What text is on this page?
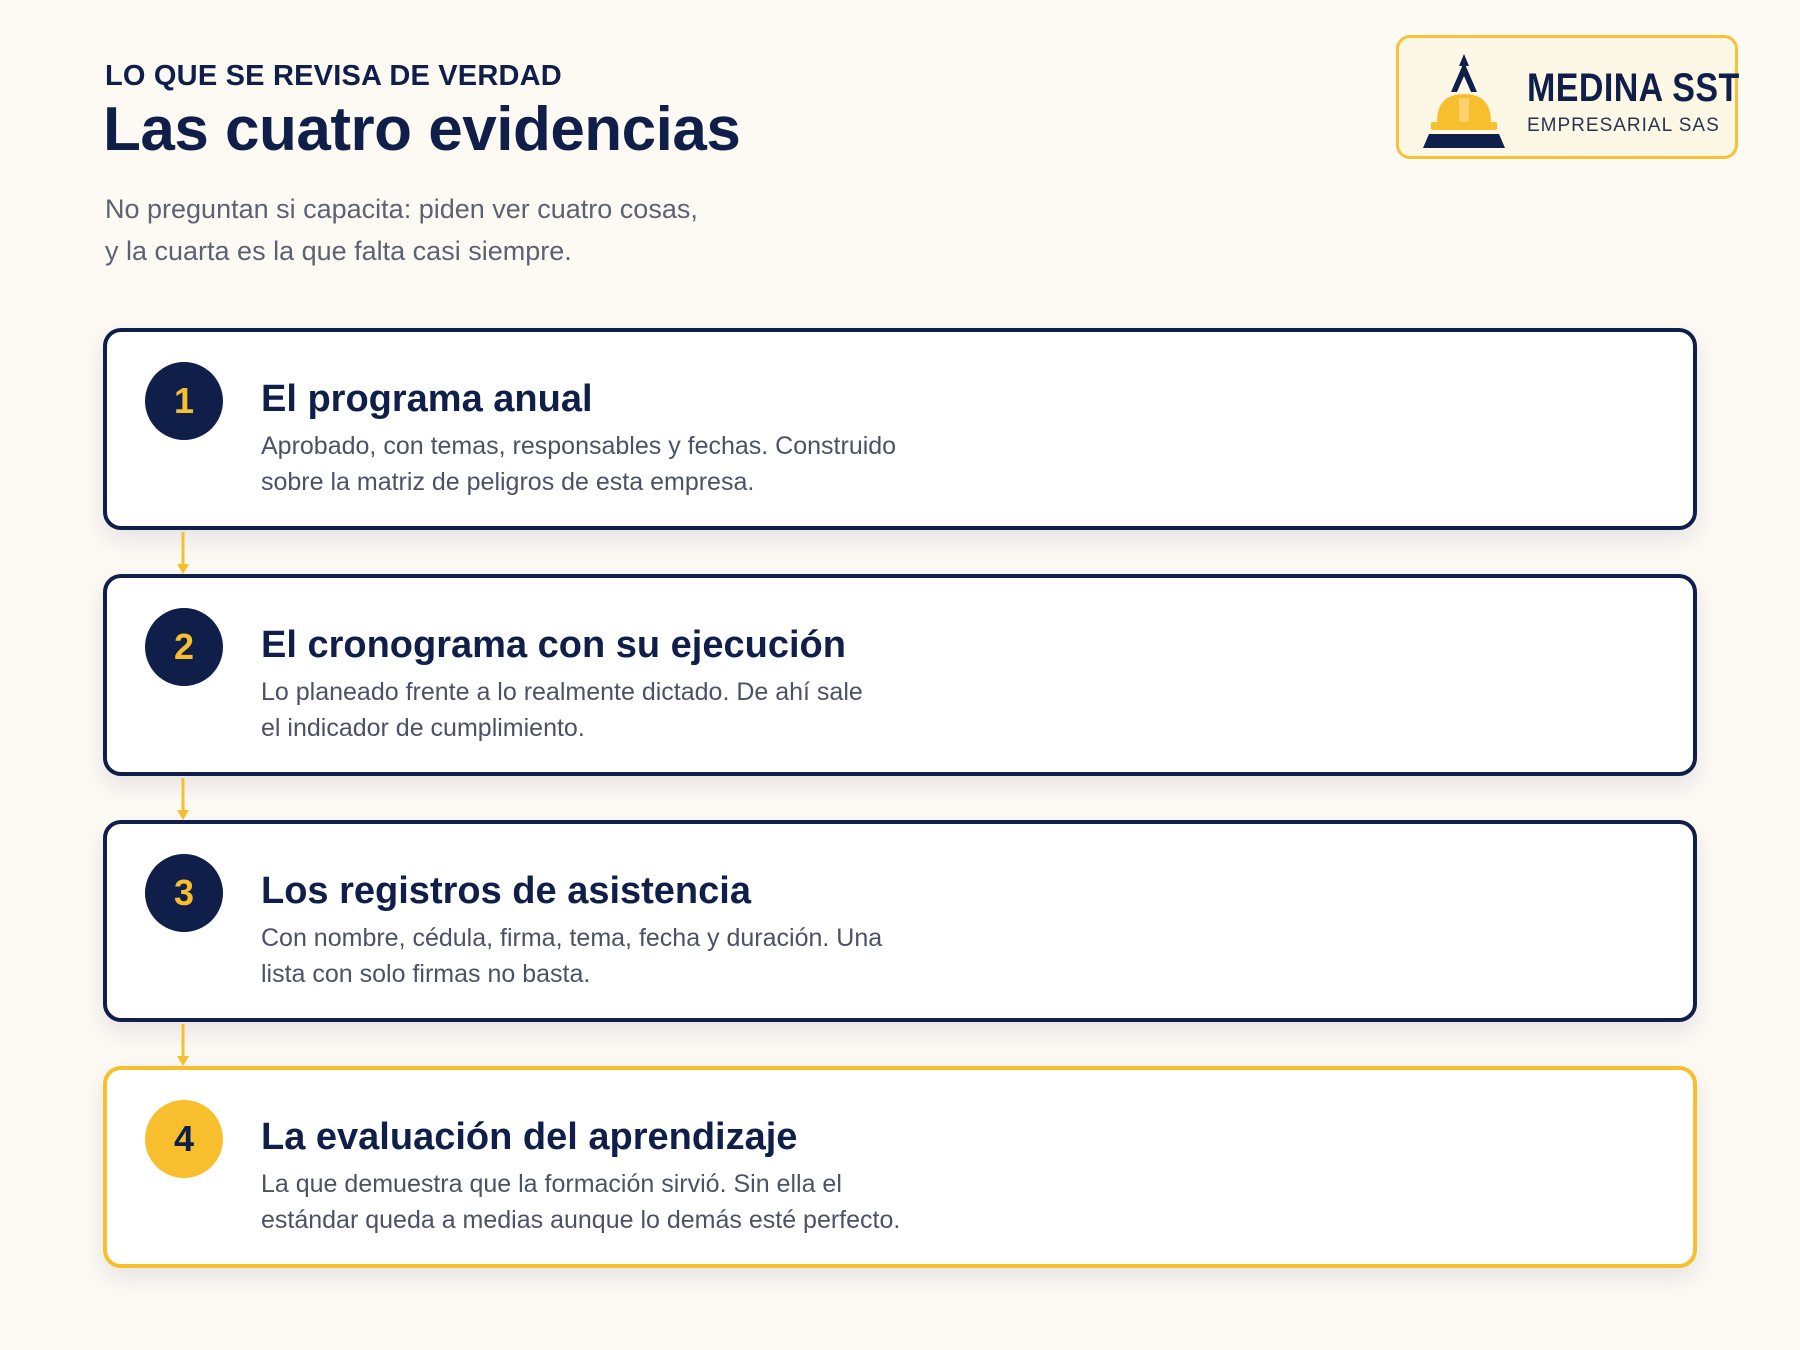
LO QUE SE REVISA DE VERDAD
Las cuatro evidencias
No preguntan si capacita: piden ver cuatro cosas,
y la cuarta es la que falta casi siempre.
MEDINA SST
EMPRESARIAL SAS
1	El programa anual
Aprobado, con temas, responsables y fechas. Construido
sobre la matriz de peligros de esta empresa.
2	El cronograma con su ejecución
Lo planeado frente a lo realmente dictado. De ahí sale
el indicador de cumplimiento.
3	Los registros de asistencia
Con nombre, cédula, firma, tema, fecha y duración. Una
lista con solo firmas no basta.
4	La evaluación del aprendizaje
La que demuestra que la formación sirvió. Sin ella el
estándar queda a medias aunque lo demás esté perfecto.
